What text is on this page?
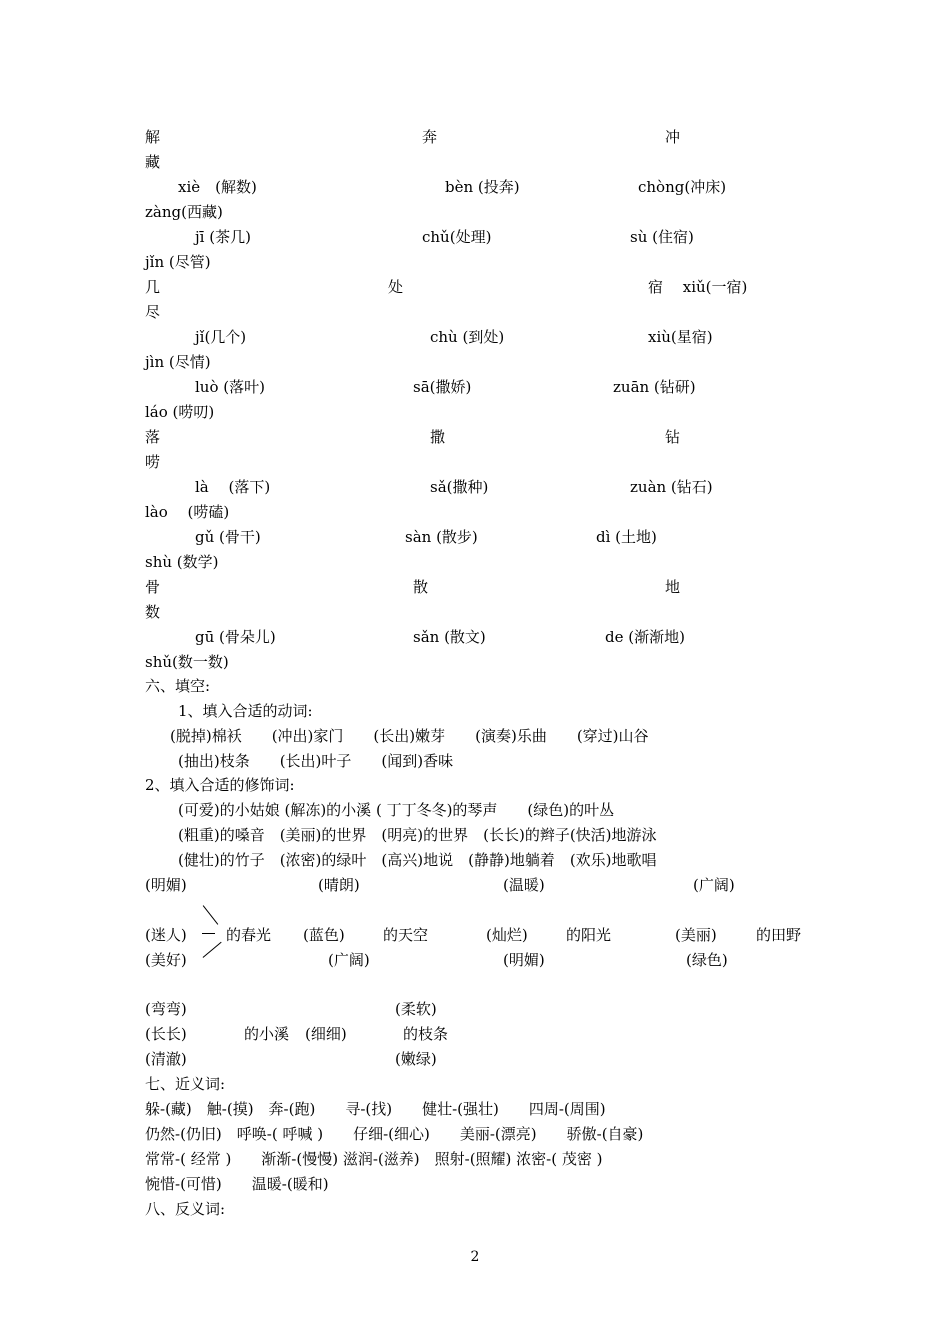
解	奔	冲
藏
xiè　(解数)	bèn (投奔)	chòng(冲床)
zàng(西藏)
jī (茶几)	chǔ(处理)	sù (住宿)
jǐn (尽管)
几	处	宿　 xiǔ(一宿)
尽
jǐ(几个)	chù (到处)	xiù(星宿)
jìn (尽情)
luò (落叶)	sā(撒娇)	zuān (钻研)
láo (唠叨)
落	撒	钻
唠
là　 (落下)	sǎ(撒种)	zuàn (钻石)
lào　 (唠磕)
gǔ (骨干)	sàn (散步)	dì (土地)
shù (数学)
骨	散	地
数
gū (骨朵儿)	sǎn (散文)	de (渐渐地)
shǔ(数一数)
六、填空:
1、填入合适的动词:
(脱掉)棉袄　　(冲出)家门　　(长出)嫩芽　　(演奏)乐曲　　(穿过)山谷
(抽出)枝条　　(长出)叶子　　(闻到)香味
2、填入合适的修饰词:
(可爱)的小姑娘 (解冻)的小溪 ( 丁丁冬冬)的琴声　　(绿色)的叶丛
(粗重)的嗓音　(美丽)的世界　(明亮)的世界　(长长)的辫子(快活)地游泳
(健壮)的竹子　(浓密)的绿叶　(高兴)地说　(静静)地躺着　(欢乐)地歌唱
(明媚)	(晴朗)	(温暖)	(广阔)
(迷人)	的春光 (蓝色)	的天空	(灿烂)	的阳光	(美丽)	的田野
(美好)	(广阔)	(明媚)	(绿色)
(弯弯)	(柔软)
(长长)	的小溪 (细细)	的枝条
(清澈)	(嫩绿)
七、近义词:
躲-(藏)　触-(摸)　奔-(跑)　　寻-(找)　　健壮-(强壮)　　四周-(周围)
仍然-(仍旧)　呼唤-( 呼喊 )　　仔细-(细心)　　美丽-(漂亮)　　骄傲-(自豪)
常常-( 经常 )　　渐渐-(慢慢) 滋润-(滋养)　照射-(照耀) 浓密-( 茂密 )
惋惜-(可惜)　　温暖-(暖和)
八、反义词:
2
